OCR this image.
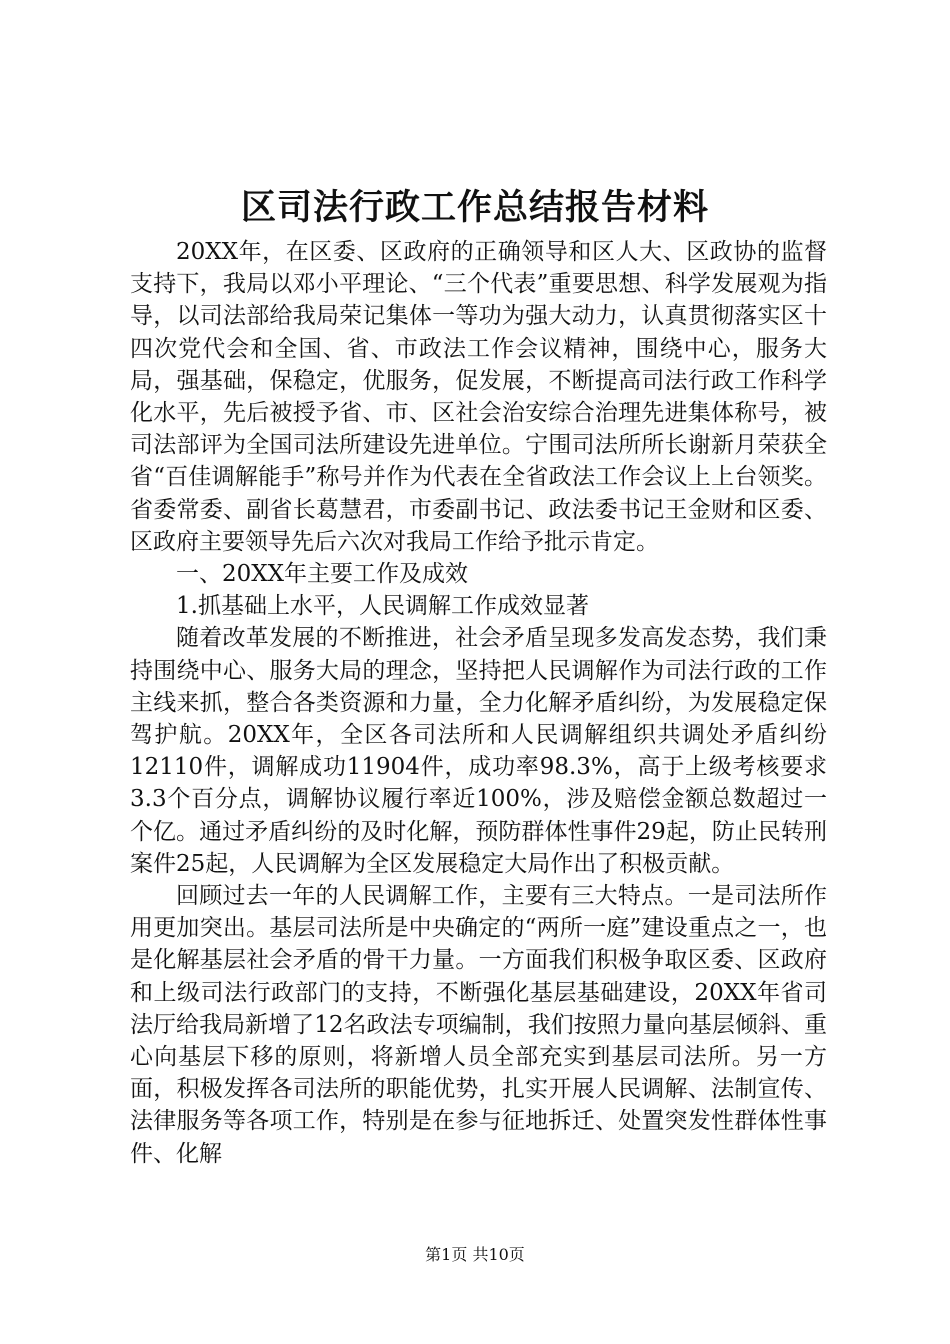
区司法行政工作总结报告材料

20XX年，在区委、区政府的正确领导和区人大、区政协的监督支持下，我局以邓小平理论、“三个代表”重要思想、科学发展观为指导，以司法部给我局荣记集体一等功为强大动力，认真贯彻落实区十四次党代会和全国、省、市政法工作会议精神，围绕中心，服务大局，强基础，保稳定，优服务，促发展，不断提高司法行政工作科学化水平，先后被授予省、市、区社会治安综合治理先进集体称号，被司法部评为全国司法所建设先进单位。宁围司法所所长谢新月荣获全省“百佳调解能手”称号并作为代表在全省政法工作会议上上台领奖。省委常委、副省长葛慧君，市委副书记、政法委书记王金财和区委、区政府主要领导先后六次对我局工作给予批示肯定。

一、20XX年主要工作及成效

1.抓基础上水平，人民调解工作成效显著

随着改革发展的不断推进，社会矛盾呈现多发高发态势，我们秉持围绕中心、服务大局的理念，坚持把人民调解作为司法行政的工作主线来抓，整合各类资源和力量，全力化解矛盾纠纷，为发展稳定保驾护航。20XX年，全区各司法所和人民调解组织共调处矛盾纠纷12110件，调解成功11904件，成功率98.3%，高于上级考核要求3.3个百分点，调解协议履行率近100%，涉及赔偿金额总数超过一个亿。通过矛盾纠纷的及时化解，预防群体性事件29起，防止民转刑案件25起，人民调解为全区发展稳定大局作出了积极贡献。

回顾过去一年的人民调解工作，主要有三大特点。一是司法所作用更加突出。基层司法所是中央确定的“两所一庭”建设重点之一，也是化解基层社会矛盾的骨干力量。一方面我们积极争取区委、区政府和上级司法行政部门的支持，不断强化基层基础建设，20XX年省司法厅给我局新增了12名政法专项编制，我们按照力量向基层倾斜、重心向基层下移的原则，将新增人员全部充实到基层司法所。另一方面，积极发挥各司法所的职能优势，扎实开展人民调解、法制宣传、法律服务等各项工作，特别是在参与征地拆迁、处置突发性群体性事件、化解

第1页 共10页
